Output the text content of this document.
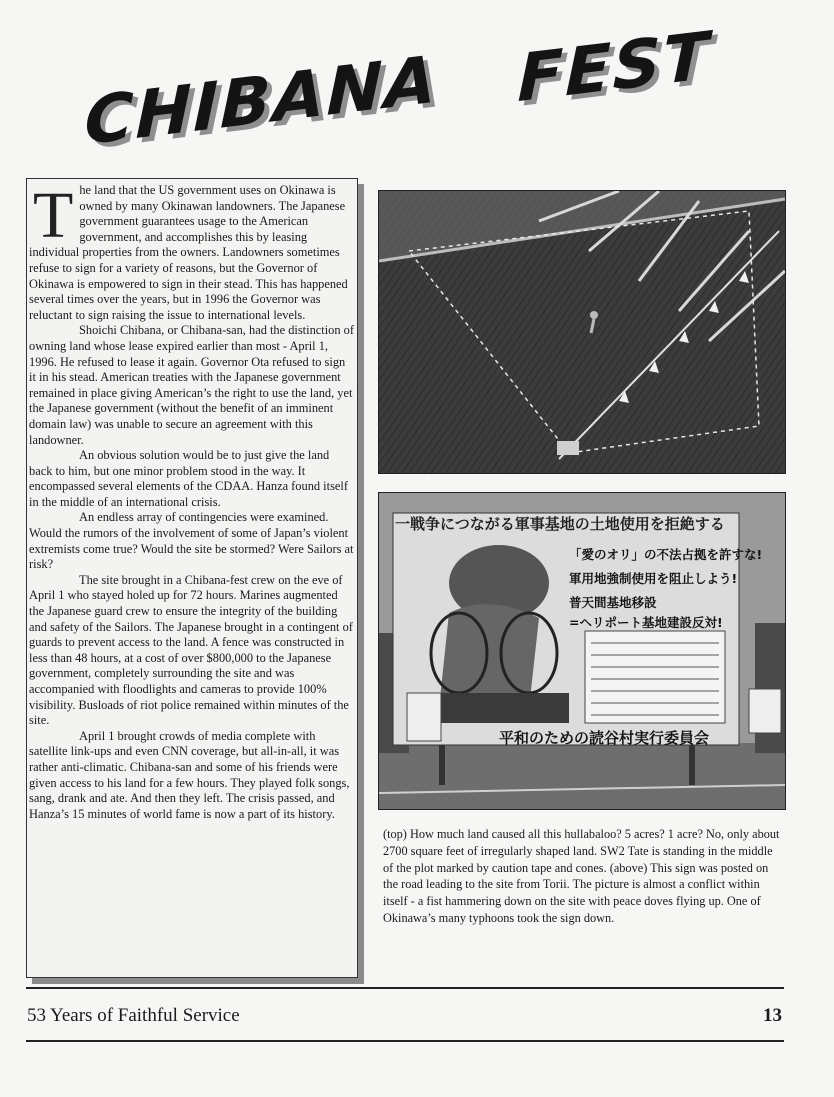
CHIBANA FEST

T he land that the US government uses on Okinawa is owned by many Okinawan landowners. The Japanese government guarantees usage to the American government, and accomplishes this by leasing individual properties from the owners. Landowners sometimes refuse to sign for a variety of reasons, but the Governor of Okinawa is empowered to sign in their stead. This has happened several times over the years, but in 1996 the Governor was reluctant to sign raising the issue to international levels.

Shoichi Chibana, or Chibana-san, had the distinction of owning land whose lease expired earlier than most - April 1, 1996. He refused to lease it again. Governor Ota refused to sign it in his stead. American treaties with the Japanese government remained in place giving American’s the right to use the land, yet the Japanese government (without the benefit of an imminent domain law) was unable to secure an agreement with this landowner.

An obvious solution would be to just give the land back to him, but one minor problem stood in the way. It encompassed several elements of the CDAA. Hanza found itself in the middle of an international crisis.

An endless array of contingencies were examined. Would the rumors of the involvement of some of Japan’s violent extremists come true? Would the site be stormed? Were Sailors at risk?

The site brought in a Chibana-fest crew on the eve of April 1 who stayed holed up for 72 hours. Marines augmented the Japanese guard crew to ensure the integrity of the building and safety of the Sailors. The Japanese brought in a contingent of guards to prevent access to the land. A fence was constructed in less than 48 hours, at a cost of over $800,000 to the Japanese government, completely surrounding the site and was accompanied with floodlights and cameras to provide 100% visibility. Busloads of riot police remained within minutes of the site.

April 1 brought crowds of media complete with satellite link-ups and even CNN coverage, but all-in-all, it was rather anti-climatic. Chibana-san and some of his friends were given access to his land for a few hours. They played folk songs, sang, drank and ate. And then they left. The crisis passed, and Hanza’s 15 minutes of world fame is now a part of its history.

一戦争につながる軍事基地の土地使用を拒絶する
「愛のオリ」の不法占拠を許すな!
軍用地強制使用を阻止しよう!
普天間基地移設
=ヘリポート基地建設反対!
平和のための読谷村実行委員会

(top) How much land caused all this hullabaloo? 5 acres? 1 acre? No, only about 2700 square feet of irregularly shaped land. SW2 Tate is standing in the middle of the plot marked by caution tape and cones. (above) This sign was posted on the road leading to the site from Torii. The picture is almost a conflict within itself - a fist hammering down on the site with peace doves flying up. One of Okinawa’s many typhoons took the sign down.

53 Years of Faithful Service	13
